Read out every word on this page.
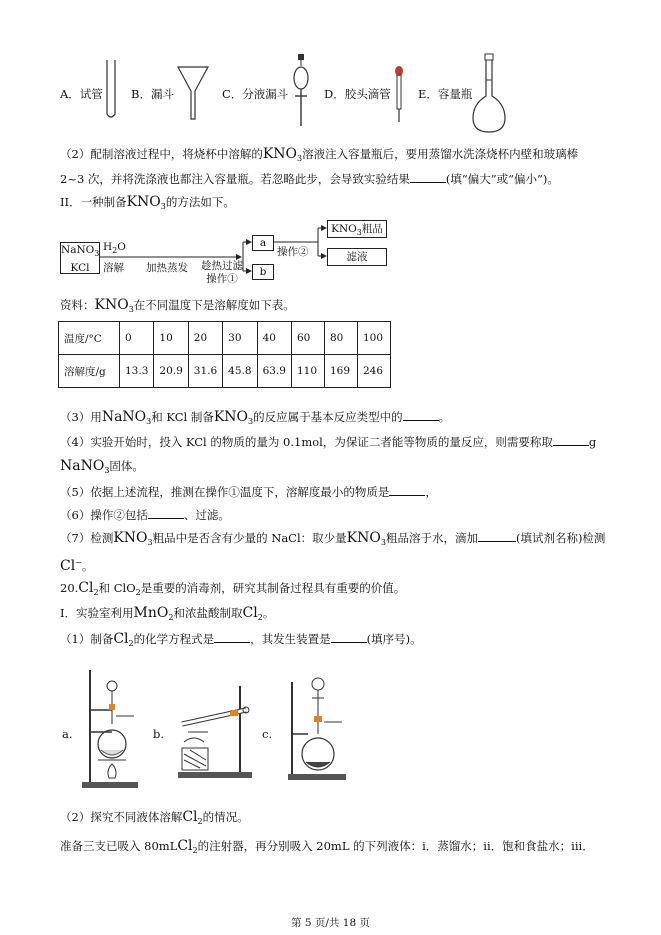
A．试管 B．漏斗	C．分液漏斗	D．胶头滴管 E．容量瓶
（2）配制溶液过程中，将烧杯中溶解的$KNO_3$溶液注入容量瓶后，要用蒸馏水洗涤烧杯内壁和玻璃棒
2~3 次，并将洗涤液也都注入容量瓶。若忽略此步，会导致实验结果	(填“偏大”或“偏小”)。
II．一种制备$KNO_3$的方法如下。
NaNO$_3$
KCl
$H_2O$
溶解 加热蒸发 趁热过滤
操作①
a
b
操作②
$KNO_3$粗品
滤液
资料：$KNO_3$在不同温度下是溶解度如下表。
温度/°C	0	10	20	30	40	60	80	100
溶解度/g	13.3	20.9	31.6	45.8	63.9	110	169	246
（3）用NaNO$_3$和 KCl 制备$KNO_3$的反应属于基本反应类型中的	。
（4）实验开始时，投入 KCl 的物质的量为 0.1mol，为保证二者能等物质的量反应，则需要称取	g
NaNO$_3$固体。
（5）依据上述流程，推测在操作①温度下，溶解度最小的物质是	，
（6）操作②包括	、过滤。
（7）检测$KNO_3$粗品中是否含有少量的 NaCl：取少量$KNO_3$粗品溶于水，滴加	(填试剂名称)检测
Cl−。
$20.Cl_2$和 ClO$_2$是重要的消毒剂，研究其制备过程具有重要的价值。
I．实验室利用MnO$_2$和浓盐酸制取$Cl_2$。
（1）制备$Cl_2$的化学方程式是	，其发生装置是	(填序号)。
a.	b.	c.
（2）探究不同液体溶解$Cl_2$的情况。
准备三支已吸入 80mLCl$_2$的注射器，再分别吸入 20mL 的下列液体：i．蒸馏水；ii．饱和食盐水；iii．
第 5 页/共 18 页
